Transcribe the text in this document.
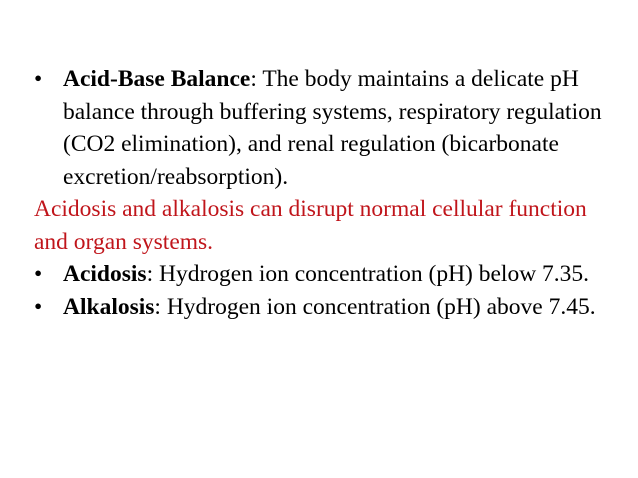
• Acid-Base Balance: The body maintains a delicate pH balance through buffering systems, respiratory regulation (CO2 elimination), and renal regulation (bicarbonate excretion/reabsorption).
Acidosis and alkalosis can disrupt normal cellular function and organ systems.
• Acidosis: Hydrogen ion concentration (pH) below 7.35.
• Alkalosis: Hydrogen ion concentration (pH) above 7.45.
